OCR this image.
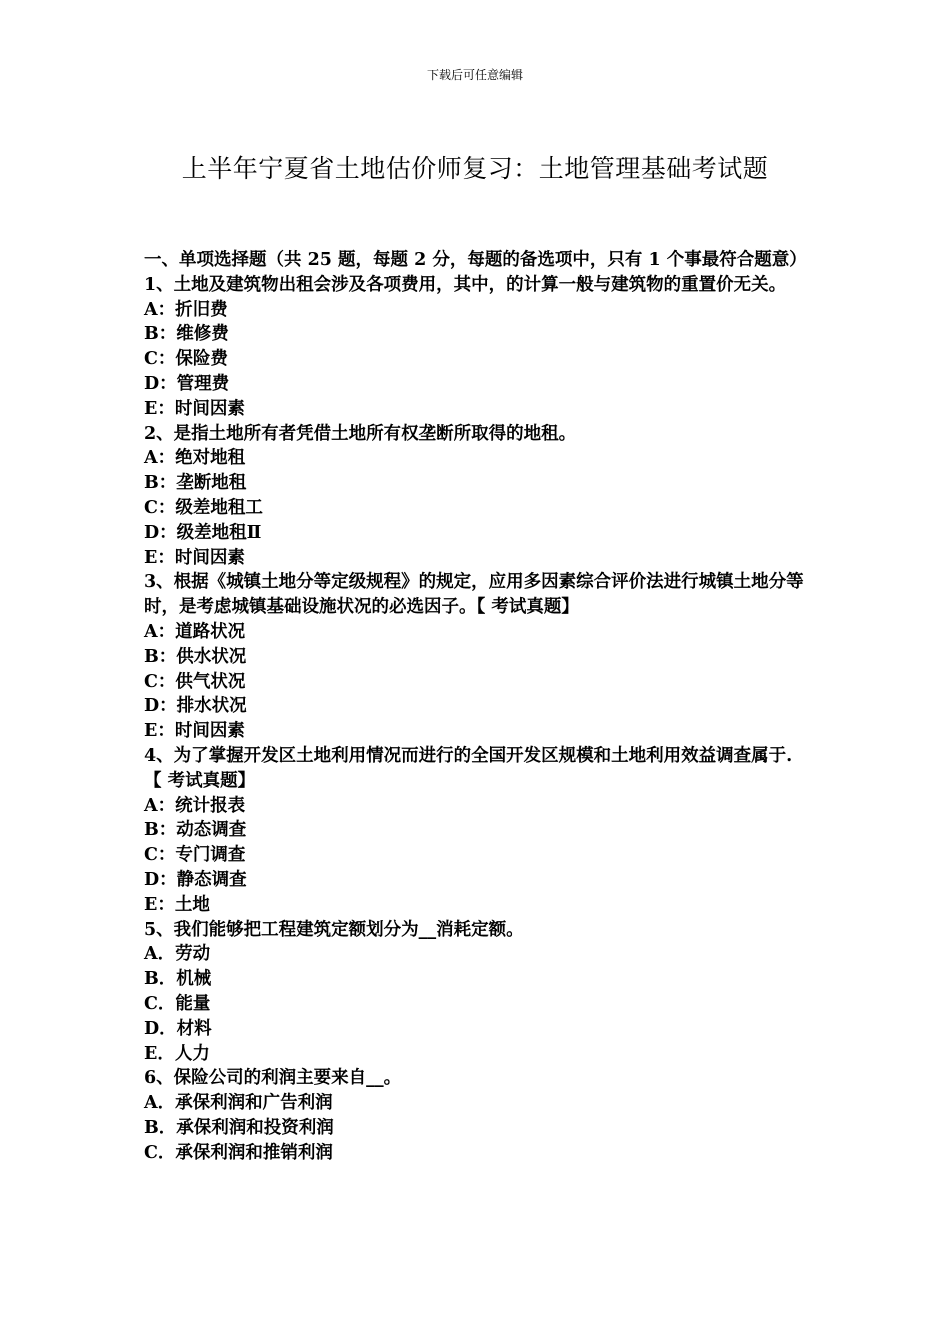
下载后可任意编辑
上半年宁夏省土地估价师复习：土地管理基础考试题

一、单项选择题（共 25 题，每题 2 分，每题的备选项中，只有 1 个事最符合题意）

1、土地及建筑物出租会涉及各项费用，其中，的计算一般与建筑物的重置价无关。

A：折旧费

B：维修费

C：保险费

D：管理费

E：时间因素

2、是指土地所有者凭借土地所有权垄断所取得的地租。

A：绝对地租

B：垄断地租

C：级差地租工

D：级差地租Ⅱ

E：时间因素

3、根据《城镇土地分等定级规程》的规定，应用多因素综合评价法进行城镇土地分等时，是考虑城镇基础设施状况的必选因子。【 考试真题】

A：道路状况

B：供水状况

C：供气状况

D：排水状况

E：时间因素

4、为了掌握开发区土地利用情况而进行的全国开发区规模和土地利用效益调查属于. 【 考试真题】

A：统计报表

B：动态调查

C：专门调查

D：静态调查

E：土地

5、我们能够把工程建筑定额划分为__消耗定额。

A．劳动

B．机械

C．能量

D．材料

E．人力

6、保险公司的利润主要来自__。

A．承保利润和广告利润

B．承保利润和投资利润

C．承保利润和推销利润
